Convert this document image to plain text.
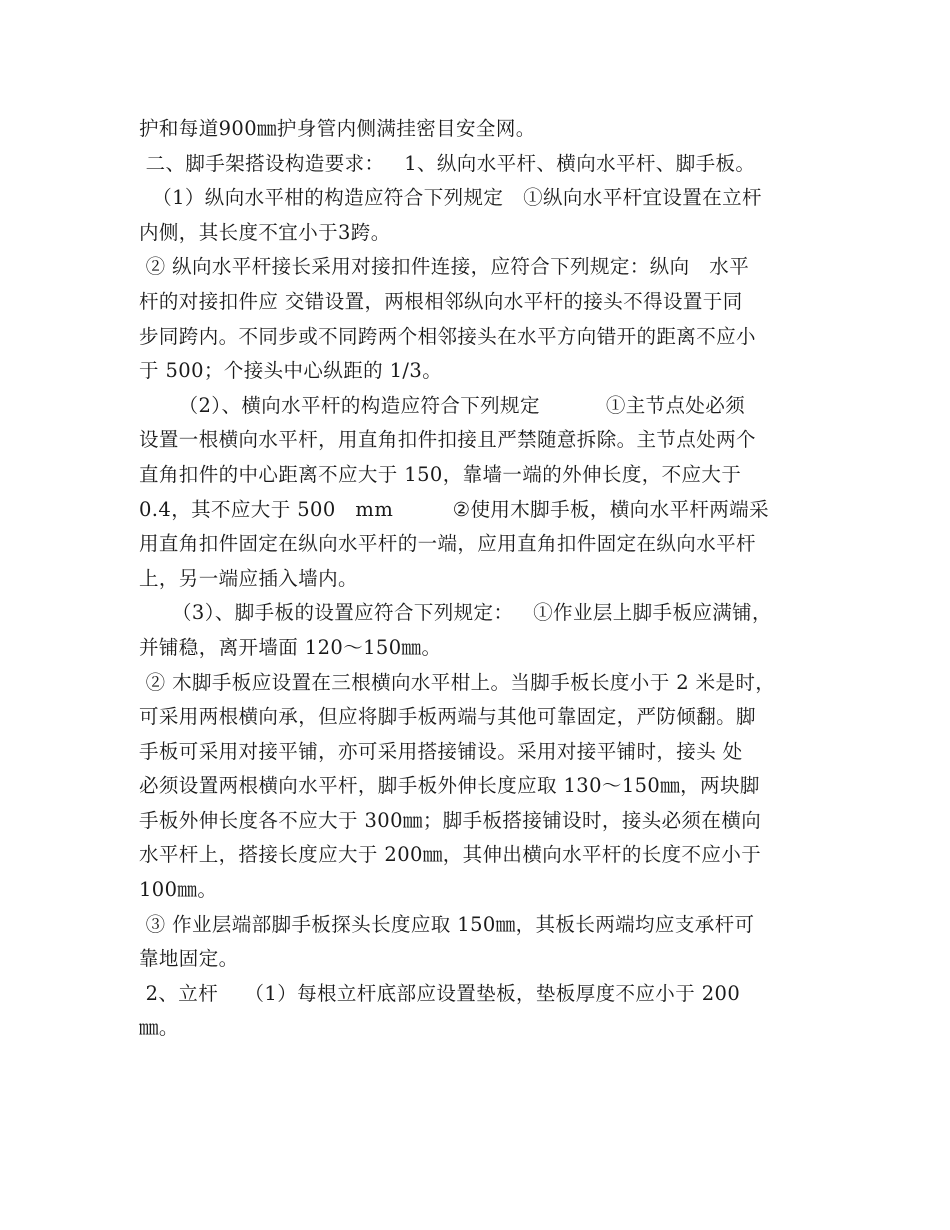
护和每道900㎜护身管内侧满挂密目安全网。
二、脚手架搭设构造要求：   1、纵向水平杆、横向水平杆、脚手板。
（1）纵向水平柑的构造应符合下列规定   ①纵向水平杆宜设置在立杆
内侧，其长度不宜小于3跨。
② 纵向水平杆接长采用对接扣件连接，应符合下列规定：纵向   水平
杆的对接扣件应 交错设置，两根相邻纵向水平杆的接头不得设置于同
步同跨内。不同步或不同跨两个相邻接头在水平方向错开的距离不应小
于 500；个接头中心纵距的 1/3。
（2）、横向水平杆的构造应符合下列规定          ①主节点处必须
设置一根横向水平杆，用直角扣件扣接且严禁随意拆除。主节点处两个
直角扣件的中心距离不应大于 150，靠墙一端的外伸长度，不应大于
0.4，其不应大于 500   mm         ②使用木脚手板，横向水平杆两端采
用直角扣件固定在纵向水平杆的一端，应用直角扣件固定在纵向水平杆
上，另一端应插入墙内。
（3）、脚手板的设置应符合下列规定：   ①作业层上脚手板应满铺，
并铺稳，离开墙面 120～150㎜。
② 木脚手板应设置在三根横向水平柑上。当脚手板长度小于 2 米是时，
可采用两根横向承，但应将脚手板两端与其他可靠固定，严防倾翻。脚
手板可采用对接平铺，亦可采用搭接铺设。采用对接平铺时，接头 处
必须设置两根横向水平杆，脚手板外伸长度应取 130～150㎜，两块脚
手板外伸长度各不应大于 300㎜；脚手板搭接铺设时，接头必须在横向
水平杆上，搭接长度应大于 200㎜，其伸出横向水平杆的长度不应小于
100㎜。
③ 作业层端部脚手板探头长度应取 150㎜，其板长两端均应支承杆可
靠地固定。
2、立杆    （1）每根立杆底部应设置垫板，垫板厚度不应小于 200
㎜。
